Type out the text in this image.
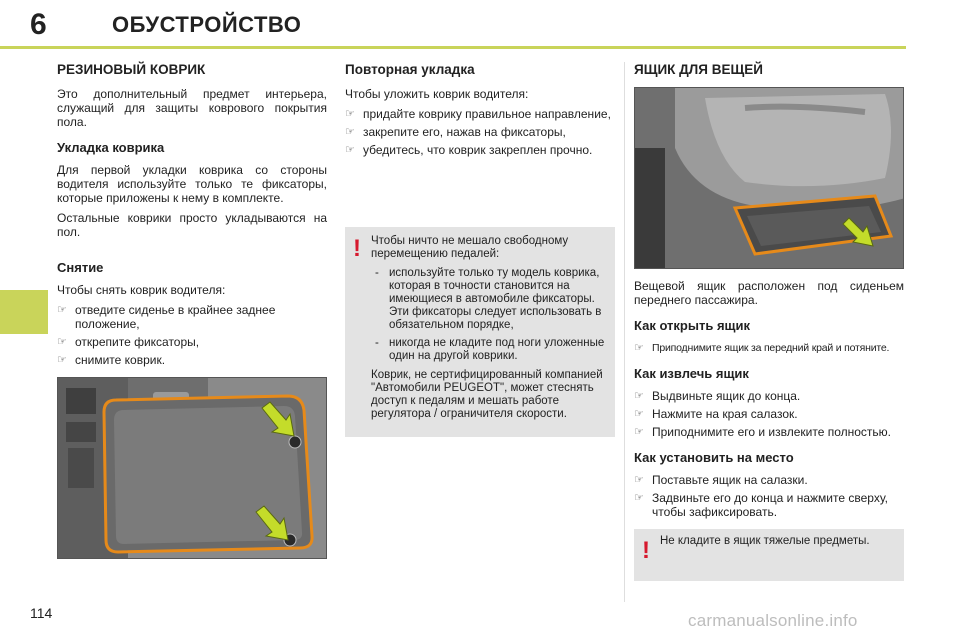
6	ОБУСТРОЙСТВО
РЕЗИНОВЫЙ КОВРИК

Это дополнительный предмет интерьера, служащий для защиты коврового покрытия пола.

Укладка коврика

Для первой укладки коврика со стороны водителя используйте только те фиксаторы, которые приложены к нему в комплекте.

Остальные коврики просто укладываются на пол.

Снятие

Чтобы снять коврик водителя:

☞ отведите сиденье в крайнее заднее положение,
☞ открепите фиксаторы,
☞ снимите коврик.
Повторная укладка

Чтобы уложить коврик водителя:

☞ придайте коврику правильное направление,
☞ закрепите его, нажав на фиксаторы,
☞ убедитесь, что коврик закреплен прочно.
! Чтобы ничто не мешало свободному перемещению педалей:

- используйте только ту модель коврика, которая в точности становится на имеющиеся в автомобиле фиксаторы. Эти фиксаторы следует использовать в обязательном порядке,
- никогда не кладите под ноги уложенные один на другой коврики.

Коврик, не сертифицированный компанией "Автомобили PEUGEOT", может стеснять доступ к педалям и мешать работе регулятора / ограничителя скорости.

ЯЩИК ДЛЯ ВЕЩЕЙ

Вещевой ящик расположен под сиденьем переднего пассажира.

Как открыть ящик
☞ Приподнимите ящик за передний край и потяните.
Как извлечь ящик
☞ Выдвиньте ящик до конца.
☞ Нажмите на края салазок.
☞ Приподнимите его и извлеките полностью.
Как установить на место
☞ Поставьте ящик на салазки.
☞ Задвиньте его до конца и нажмите сверху, чтобы зафиксировать.
! Не кладите в ящик тяжелые предметы.

114	carmanualsonline.info
